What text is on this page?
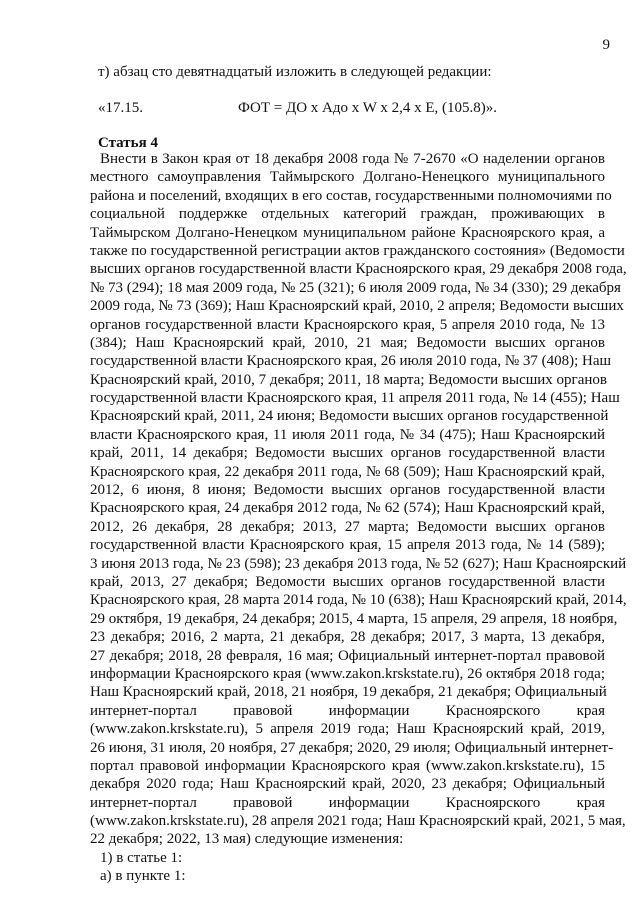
9
т) абзац сто девятнадцатый изложить в следующей редакции:
«17.15.	ФОТ = ДО x Адо x W x 2,4 x E, (105.8)».
Статья 4
Внести в Закон края от 18 декабря 2008 года № 7-2670 «О наделении органов
местного самоуправления Таймырского Долгано-Ненецкого муниципального
района и поселений, входящих в его состав, государственными полномочиями по
социальной поддержке отдельных категорий граждан, проживающих в
Таймырском Долгано-Ненецком муниципальном районе Красноярского края, а
также по государственной регистрации актов гражданского состояния» (Ведомости
высших органов государственной власти Красноярского края, 29 декабря 2008 года,
№ 73 (294); 18 мая 2009 года, № 25 (321); 6 июля 2009 года, № 34 (330); 29 декабря
2009 года, № 73 (369); Наш Красноярский край, 2010, 2 апреля; Ведомости высших
органов государственной власти Красноярского края, 5 апреля 2010 года, № 13
(384); Наш Красноярский край, 2010, 21 мая; Ведомости высших органов
государственной власти Красноярского края, 26 июля 2010 года, № 37 (408); Наш
Красноярский край, 2010, 7 декабря; 2011, 18 марта; Ведомости высших органов
государственной власти Красноярского края, 11 апреля 2011 года, № 14 (455); Наш
Красноярский край, 2011, 24 июня; Ведомости высших органов государственной
власти Красноярского края, 11 июля 2011 года, № 34 (475); Наш Красноярский
край, 2011, 14 декабря; Ведомости высших органов государственной власти
Красноярского края, 22 декабря 2011 года, № 68 (509); Наш Красноярский край,
2012, 6 июня, 8 июня; Ведомости высших органов государственной власти
Красноярского края, 24 декабря 2012 года, № 62 (574); Наш Красноярский край,
2012, 26 декабря, 28 декабря; 2013, 27 марта; Ведомости высших органов
государственной власти Красноярского края, 15 апреля 2013 года, № 14 (589);
3 июня 2013 года, № 23 (598); 23 декабря 2013 года, № 52 (627); Наш Красноярский
край, 2013, 27 декабря; Ведомости высших органов государственной власти
Красноярского края, 28 марта 2014 года, № 10 (638); Наш Красноярский край, 2014,
29 октября, 19 декабря, 24 декабря; 2015, 4 марта, 15 апреля, 29 апреля, 18 ноября,
23 декабря; 2016, 2 марта, 21 декабря, 28 декабря; 2017, 3 марта, 13 декабря,
27 декабря; 2018, 28 февраля, 16 мая; Официальный интернет-портал правовой
информации Красноярского края (www.zakon.krskstate.ru), 26 октября 2018 года;
Наш Красноярский край, 2018, 21 ноября, 19 декабря, 21 декабря; Официальный
интернет-портал правовой информации Красноярского края
(www.zakon.krskstate.ru), 5 апреля 2019 года; Наш Красноярский край, 2019,
26 июня, 31 июля, 20 ноября, 27 декабря; 2020, 29 июля; Официальный интернет-
портал правовой информации Красноярского края (www.zakon.krskstate.ru), 15
декабря 2020 года; Наш Красноярский край, 2020, 23 декабря; Официальный
интернет-портал правовой информации Красноярского края
(www.zakon.krskstate.ru), 28 апреля 2021 года; Наш Красноярский край, 2021, 5 мая,
22 декабря; 2022, 13 мая) следующие изменения:
1) в статье 1:
а) в пункте 1:
